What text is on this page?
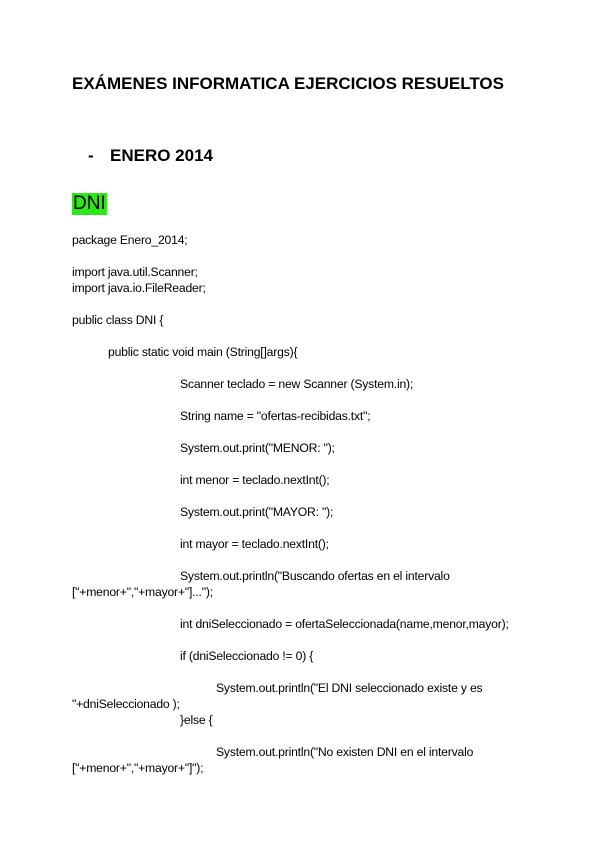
EXÁMENES INFORMATICA EJERCICIOS RESUELTOS
- ENERO 2014
DNI

package Enero_2014;

import java.util.Scanner;

import java.io.FileReader;

public class DNI {

public static void main (String[]args){

Scanner teclado = new Scanner (System.in);

String name = "ofertas-recibidas.txt";

System.out.print("MENOR: ");

int menor = teclado.nextInt();

System.out.print("MAYOR: ");

int mayor = teclado.nextInt();

System.out.println("Buscando ofertas en el intervalo

["+menor+","+mayor+"]...");

int dniSeleccionado = ofertaSeleccionada(name,menor,mayor);

if (dniSeleccionado != 0) {

System.out.println("El DNI seleccionado existe y es

"+dniSeleccionado );

}else {

System.out.println("No existen DNI en el intervalo

["+menor+","+mayor+"]");
